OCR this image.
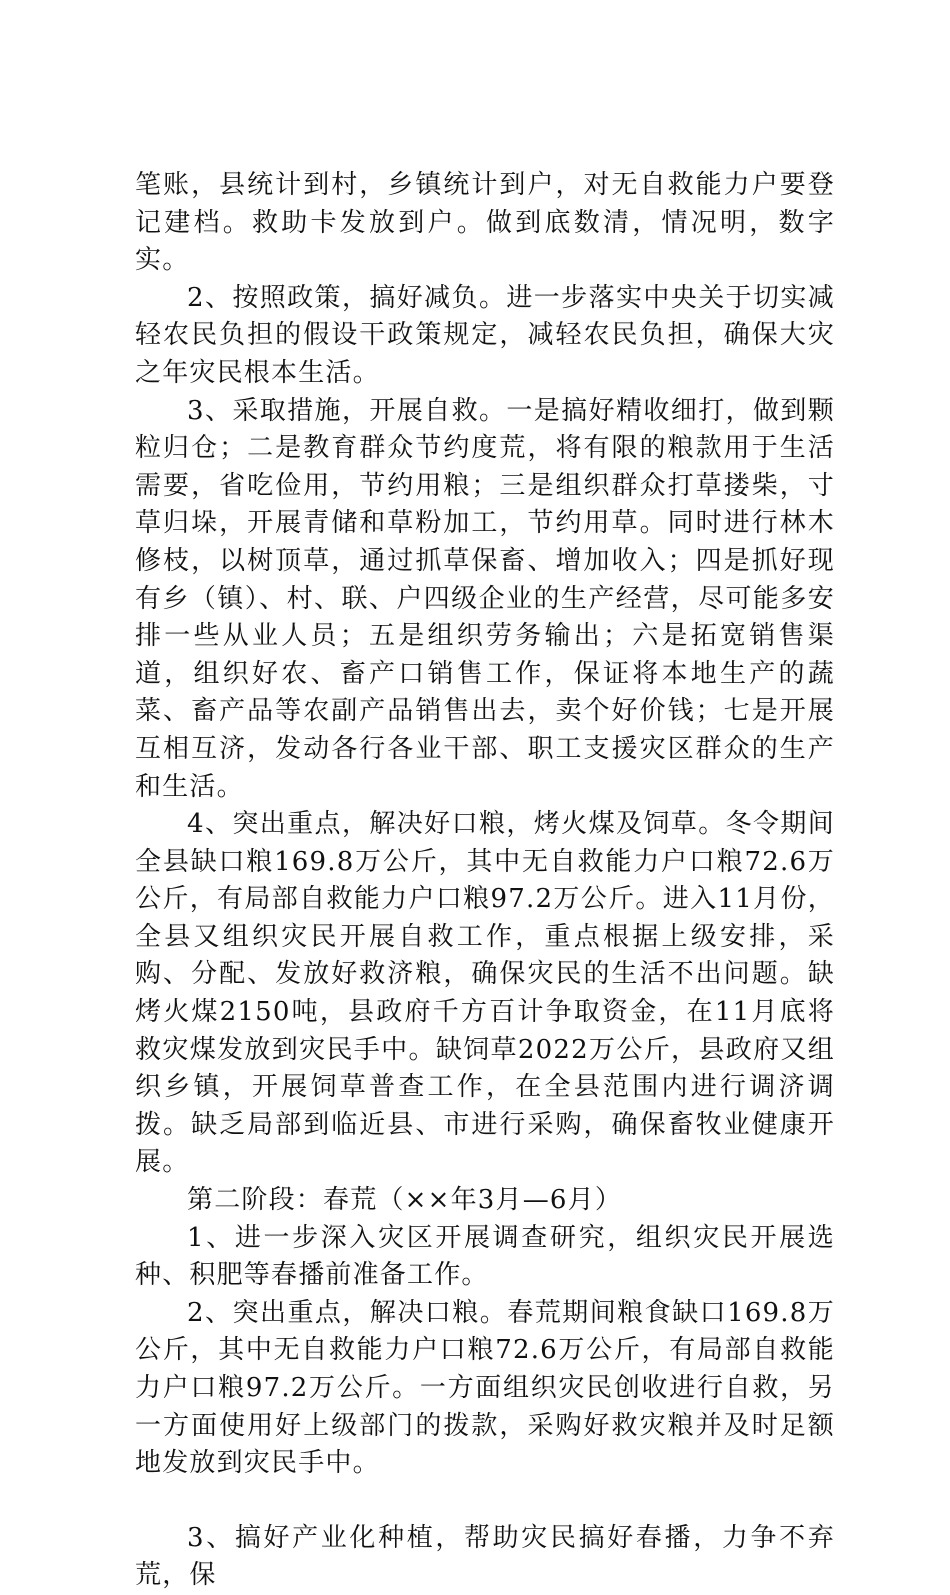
笔账，县统计到村，乡镇统计到户，对无自救能力户要登记建档。救助卡发放到户。做到底数清，情况明，数字实。

2、按照政策，搞好减负。进一步落实中央关于切实减轻农民负担的假设干政策规定，减轻农民负担，确保大灾之年灾民根本生活。

3、采取措施，开展自救。一是搞好精收细打，做到颗粒归仓；二是教育群众节约度荒，将有限的粮款用于生活需要，省吃俭用，节约用粮；三是组织群众打草搂柴，寸草归垛，开展青储和草粉加工，节约用草。同时进行林木修枝，以树顶草，通过抓草保畜、增加收入；四是抓好现有乡（镇）、村、联、户四级企业的生产经营，尽可能多安排一些从业人员；五是组织劳务输出；六是拓宽销售渠道，组织好农、畜产口销售工作，保证将本地生产的蔬菜、畜产品等农副产品销售出去，卖个好价钱；七是开展互相互济，发动各行各业干部、职工支援灾区群众的生产和生活。

4、突出重点，解决好口粮，烤火煤及饲草。冬令期间全县缺口粮169.8万公斤，其中无自救能力户口粮72.6万公斤，有局部自救能力户口粮97.2万公斤。进入11月份，全县又组织灾民开展自救工作，重点根据上级安排，采购、分配、发放好救济粮，确保灾民的生活不出问题。缺烤火煤2150吨，县政府千方百计争取资金，在11月底将救灾煤发放到灾民手中。缺饲草2022万公斤，县政府又组织乡镇，开展饲草普查工作，在全县范围内进行调济调拨。缺乏局部到临近县、市进行采购，确保畜牧业健康开展。

第二阶段：春荒（××年3月—6月）

1、进一步深入灾区开展调查研究，组织灾民开展选种、积肥等春播前准备工作。

2、突出重点，解决口粮。春荒期间粮食缺口169.8万公斤，其中无自救能力户口粮72.6万公斤，有局部自救能力户口粮97.2万公斤。一方面组织灾民创收进行自救，另一方面使用好上级部门的拨款，采购好救灾粮并及时足额地发放到灾民手中。

3、搞好产业化种植，帮助灾民搞好春播，力争不弃荒，保
